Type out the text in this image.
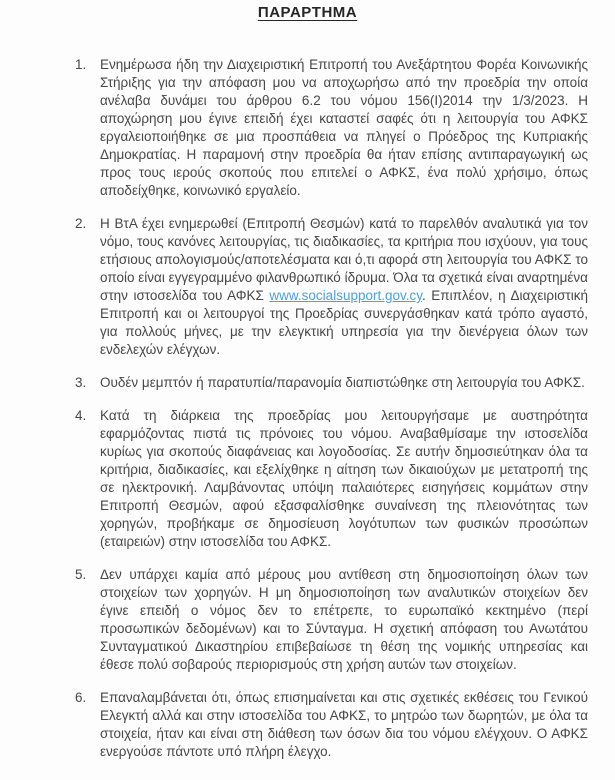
ΠΑΡΑΡΤΗΜΑ
1.	Ενημέρωσα ήδη την Διαχειριστική Επιτροπή του Ανεξάρτητου Φορέα Κοινωνικής Στήριξης για την απόφαση μου να αποχωρήσω από την προεδρία την οποία ανέλαβα δυνάμει του άρθρου 6.2 του νόμου 156(Ι)2014 την 1/3/2023. Η αποχώρηση μου έγινε επειδή έχει καταστεί σαφές ότι η λειτουργία του ΑΦΚΣ εργαλειοποιήθηκε σε μια προσπάθεια να πληγεί ο Πρόεδρος της Κυπριακής Δημοκρατίας. Η παραμονή στην προεδρία θα ήταν επίσης αντιπαραγωγική ως προς τους ιερούς σκοπούς που επιτελεί ο ΑΦΚΣ, ένα πολύ χρήσιμο, όπως αποδείχθηκε, κοινωνικό εργαλείο.

2.	Η ΒτΑ έχει ενημερωθεί (Επιτροπή Θεσμών) κατά το παρελθόν αναλυτικά για τον νόμο, τους κανόνες λειτουργίας, τις διαδικασίες, τα κριτήρια που ισχύουν, για τους ετήσιους απολογισμούς/αποτελέσματα και ό,τι αφορά στη λειτουργία του ΑΦΚΣ το οποίο είναι εγγεγραμμένο φιλανθρωπικό ίδρυμα. Όλα τα σχετικά είναι αναρτημένα στην ιστοσελίδα του ΑΦΚΣ www.socialsupport.gov.cy. Επιπλέον, η Διαχειριστική Επιτροπή και οι λειτουργοί της Προεδρίας συνεργάσθηκαν κατά τρόπο αγαστό, για πολλούς μήνες, με την ελεγκτική υπηρεσία για την διενέργεια όλων των ενδελεχών ελέγχων.

3.	Ουδέν μεμπτόν ή παρατυπία/παρανομία διαπιστώθηκε στη λειτουργία του ΑΦΚΣ.

4.	Κατά τη διάρκεια της προεδρίας μου λειτουργήσαμε με αυστηρότητα εφαρμόζοντας πιστά τις πρόνοιες του νόμου. Αναβαθμίσαμε την ιστοσελίδα κυρίως για σκοπούς διαφάνειας και λογοδοσίας. Σε αυτήν δημοσιεύτηκαν όλα τα κριτήρια, διαδικασίες, και εξελίχθηκε η αίτηση των δικαιούχων με μετατροπή της σε ηλεκτρονική. Λαμβάνοντας υπόψη παλαιότερες εισηγήσεις κομμάτων στην Επιτροπή Θεσμών, αφού εξασφαλίσθηκε συναίνεση της πλειονότητας των χορηγών, προβήκαμε σε δημοσίευση λογότυπων των φυσικών προσώπων (εταιρειών) στην ιστοσελίδα του ΑΦΚΣ.

5.	Δεν υπάρχει καμία από μέρους μου αντίθεση στη δημοσιοποίηση όλων των στοιχείων των χορηγών. Η μη δημοσιοποίηση των αναλυτικών στοιχείων δεν έγινε επειδή ο νόμος δεν το επέτρεπε, το ευρωπαϊκό κεκτημένο (περί προσωπικών δεδομένων) και το Σύνταγμα. Η σχετική απόφαση του Ανωτάτου Συνταγματικού Δικαστηρίου επιβεβαίωσε τη θέση της νομικής υπηρεσίας και έθεσε πολύ σοβαρούς περιορισμούς στη χρήση αυτών των στοιχείων.

6.	Επαναλαμβάνεται ότι, όπως επισημαίνεται και στις σχετικές εκθέσεις του Γενικού Ελεγκτή αλλά και στην ιστοσελίδα του ΑΦΚΣ, το μητρώο των δωρητών, με όλα τα στοιχεία, ήταν και είναι στη διάθεση των όσων δια του νόμου ελέγχουν. Ο ΑΦΚΣ ενεργούσε πάντοτε υπό πλήρη έλεγχο.
